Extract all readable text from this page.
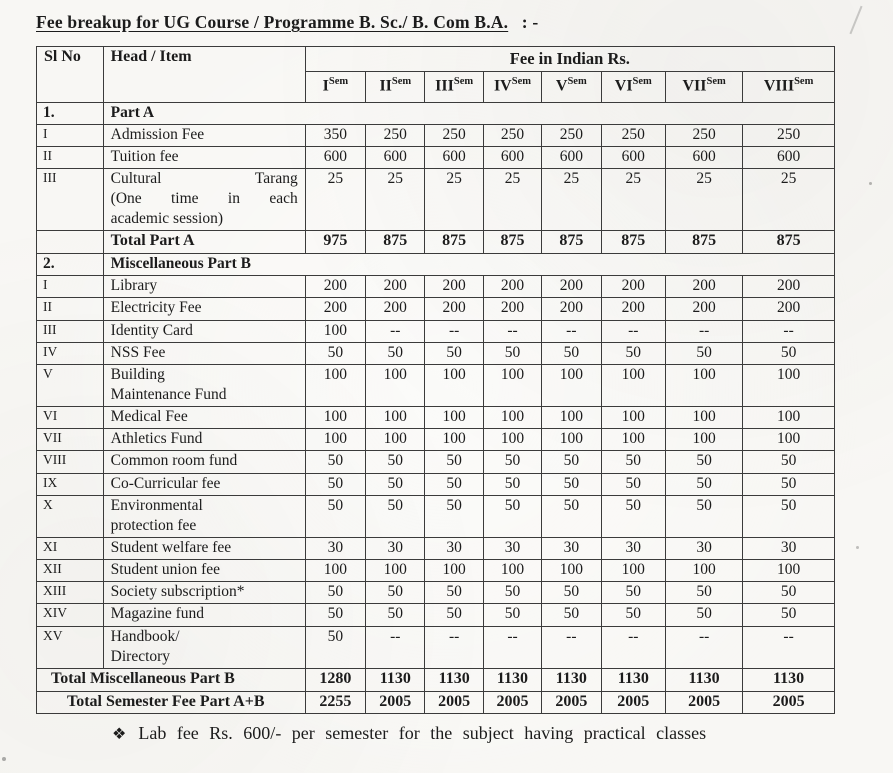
Fee breakup for UG Course / Programme B. Sc./ B. Com B.A. : -
Sl No	Head / Item	Fee in Indian Rs.							
		$I^{Sem}$	$II^{Sem}$	$III^{Sem}$	$IV^{Sem}$	$V^{Sem}$	$VI^{Sem}$	$VII^{Sem}$	$VIII^{Sem}$
1.	Part A								
I	Admission Fee	350	250	250	250	250	250	250	250
II	Tuition fee	600	600	600	600	600	600	600	600
III	Cultural Tarang
(One time in each
academic session)	25	25	25	25	25	25	25	25

	Total Part A	975	875	875	875	875	875	875	875
2.	Miscellaneous Part B								
I	Library	200	200	200	200	200	200	200	200
II	Electricity Fee	200	200	200	200	200	200	200	200
III	Identity Card	100	--	--	--	--	--	--	--
IV	NSS Fee	50	50	50	50	50	50	50	50
V	Building
Maintenance Fund	100	100	100	100	100	100	100	100
VI	Medical Fee	100	100	100	100	100	100	100	100
VII	Athletics Fund	100	100	100	100	100	100	100	100
VIII	Common room fund	50	50	50	50	50	50	50	50
IX	Co-Curricular fee	50	50	50	50	50	50	50	50
X	Environmental
protection fee	50	50	50	50	50	50	50	50
XI	Student welfare fee	30	30	30	30	30	30	30	30
XII	Student union fee	100	100	100	100	100	100	100	100
XIII	Society subscription*	50	50	50	50	50	50	50	50
XIV	Magazine fund	50	50	50	50	50	50	50	50
XV	Handbook/
Directory	50	--	--	--	--	--	--	--
Total Miscellaneous Part B		1280	1130	1130	1130	1130	1130	1130	1130
Total Semester Fee Part A+B		2255	2005	2005	2005	2005	2005	2005	2005
❖ Lab fee Rs. 600/- per semester for the subject having practical classes
